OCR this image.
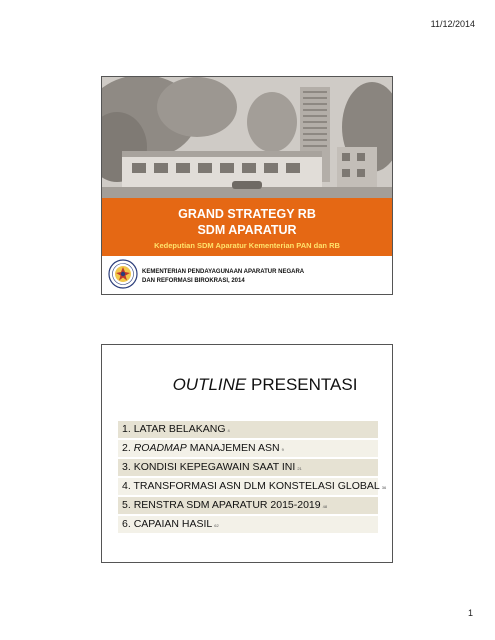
11/12/2014
GRAND STRATEGY RB
SDM APARATUR
Kedeputian SDM Aparatur Kementerian PAN dan RB
KEMENTERIAN PENDAYAGUNAAN APARATUR NEGARA
DAN REFORMASI BIROKRASI, 2014
OUTLINE PRESENTASI
1. LATAR BELAKANG 4
2. ROADMAP MANAJEMEN ASN 9
3. KONDISI KEPEGAWAIN SAAT INI 21
4. TRANSFORMASI ASN DLM KONSTELASI GLOBAL 36
5. RENSTRA SDM APARATUR 2015-2019 48
6. CAPAIAN HASIL 62
1
